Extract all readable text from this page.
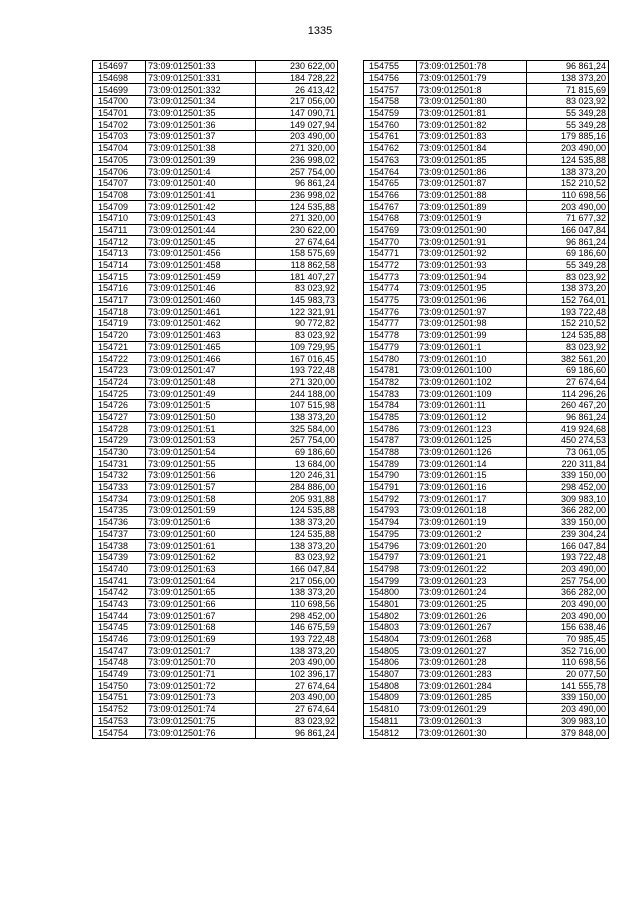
1335
154697	73:09:012501:33	230 622,00
154698	73:09:012501:331	184 728,22
154699	73:09:012501:332	26 413,42
154700	73:09:012501:34	217 056,00
154701	73:09:012501:35	147 090,71
154702	73:09:012501:36	149 027,94
154703	73:09:012501:37	203 490,00
154704	73:09:012501:38	271 320,00
154705	73:09:012501:39	236 998,02
154706	73:09:012501:4	257 754,00
154707	73:09:012501:40	96 861,24
154708	73:09:012501:41	236 998,02
154709	73:09:012501:42	124 535,88
154710	73:09:012501:43	271 320,00
154711	73:09:012501:44	230 622,00
154712	73:09:012501:45	27 674,64
154713	73:09:012501:456	158 575,69
154714	73:09:012501:458	118 862,58
154715	73:09:012501:459	181 407,27
154716	73:09:012501:46	83 023,92
154717	73:09:012501:460	145 983,73
154718	73:09:012501:461	122 321,91
154719	73:09:012501:462	90 772,82
154720	73:09:012501:463	83 023,92
154721	73:09:012501:465	109 729,95
154722	73:09:012501:466	167 016,45
154723	73:09:012501:47	193 722,48
154724	73:09:012501:48	271 320,00
154725	73:09:012501:49	244 188,00
154726	73:09:012501:5	107 515,98
154727	73:09:012501:50	138 373,20
154728	73:09:012501:51	325 584,00
154729	73:09:012501:53	257 754,00
154730	73:09:012501:54	69 186,60
154731	73:09:012501:55	13 684,00
154732	73:09:012501:56	120 246,31
154733	73:09:012501:57	284 886,00
154734	73:09:012501:58	205 931,88
154735	73:09:012501:59	124 535,88
154736	73:09:012501:6	138 373,20
154737	73:09:012501:60	124 535,88
154738	73:09:012501:61	138 373,20
154739	73:09:012501:62	83 023,92
154740	73:09:012501:63	166 047,84
154741	73:09:012501:64	217 056,00
154742	73:09:012501:65	138 373,20
154743	73:09:012501:66	110 698,56
154744	73:09:012501:67	298 452,00
154745	73:09:012501:68	146 675,59
154746	73:09:012501:69	193 722,48
154747	73:09:012501:7	138 373,20
154748	73:09:012501:70	203 490,00
154749	73:09:012501:71	102 396,17
154750	73:09:012501:72	27 674,64
154751	73:09:012501:73	203 490,00
154752	73:09:012501:74	27 674,64
154753	73:09:012501:75	83 023,92
154754	73:09:012501:76	96 861,24
154755	73:09:012501:78	96 861,24
154756	73:09:012501:79	138 373,20
154757	73:09:012501:8	71 815,69
154758	73:09:012501:80	83 023,92
154759	73:09:012501:81	55 349,28
154760	73:09:012501:82	55 349,28
154761	73:09:012501:83	179 885,16
154762	73:09:012501:84	203 490,00
154763	73:09:012501:85	124 535,88
154764	73:09:012501:86	138 373,20
154765	73:09:012501:87	152 210,52
154766	73:09:012501:88	110 698,56
154767	73:09:012501:89	203 490,00
154768	73:09:012501:9	71 677,32
154769	73:09:012501:90	166 047,84
154770	73:09:012501:91	96 861,24
154771	73:09:012501:92	69 186,60
154772	73:09:012501:93	55 349,28
154773	73:09:012501:94	83 023,92
154774	73:09:012501:95	138 373,20
154775	73:09:012501:96	152 764,01
154776	73:09:012501:97	193 722,48
154777	73:09:012501:98	152 210,52
154778	73:09:012501:99	124 535,88
154779	73:09:012601:1	83 023,92
154780	73:09:012601:10	382 561,20
154781	73:09:012601:100	69 186,60
154782	73:09:012601:102	27 674,64
154783	73:09:012601:109	114 296,26
154784	73:09:012601:11	260 467,20
154785	73:09:012601:12	96 861,24
154786	73:09:012601:123	419 924,68
154787	73:09:012601:125	450 274,53
154788	73:09:012601:126	73 061,05
154789	73:09:012601:14	220 311,84
154790	73:09:012601:15	339 150,00
154791	73:09:012601:16	298 452,00
154792	73:09:012601:17	309 983,10
154793	73:09:012601:18	366 282,00
154794	73:09:012601:19	339 150,00
154795	73:09:012601:2	239 304,24
154796	73:09:012601:20	166 047,84
154797	73:09:012601:21	193 722,48
154798	73:09:012601:22	203 490,00
154799	73:09:012601:23	257 754,00
154800	73:09:012601:24	366 282,00
154801	73:09:012601:25	203 490,00
154802	73:09:012601:26	203 490,00
154803	73:09:012601:267	156 638,46
154804	73:09:012601:268	70 985,45
154805	73:09:012601:27	352 716,00
154806	73:09:012601:28	110 698,56
154807	73:09:012601:283	20 077,50
154808	73:09:012601:284	141 555,78
154809	73:09:012601:285	339 150,00
154810	73:09:012601:29	203 490,00
154811	73:09:012601:3	309 983,10
154812	73:09:012601:30	379 848,00
